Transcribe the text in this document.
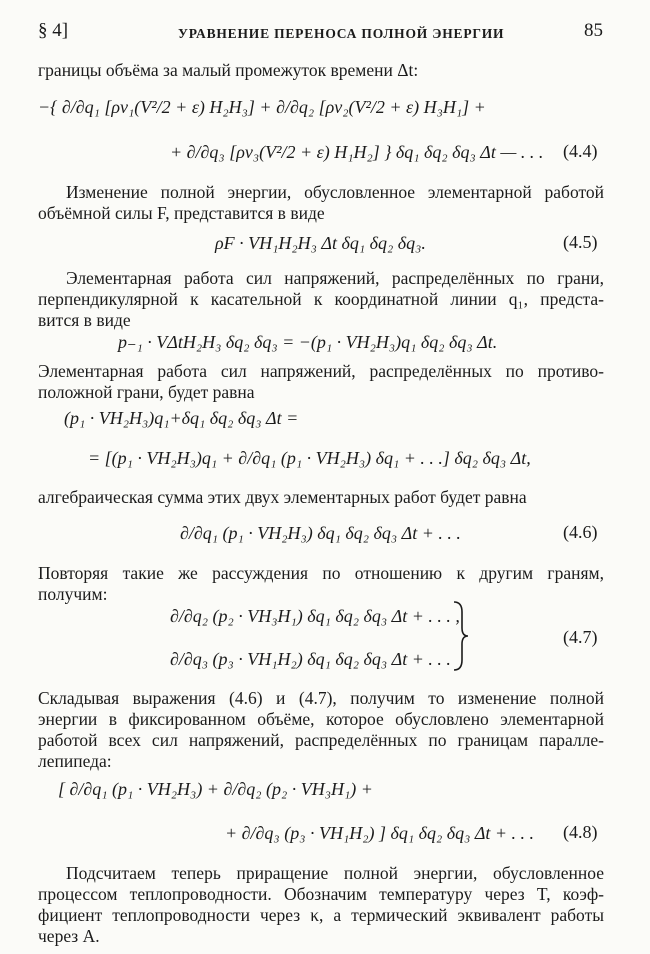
§ 4]	УРАВНЕНИЕ ПЕРЕНОСА ПОЛНОЙ ЭНЕРГИИ	85
границы объёма за малый промежуток времени Δt:
−{ ∂/∂q₁ [ρv₁(V²/2 + ε) H₂H₃] + ∂/∂q₂ [ρv₂(V²/2 + ε) H₃H₁] +
+ ∂/∂q₃ [ρv₃(V²/2 + ε) H₁H₂] } δq₁ δq₂ δq₃ Δt — . . . (4.4)
Изменение полной энергии, обусловленное элементарной работой
объёмной силы F, представится в виде
ρF · VH₁H₂H₃ Δt δq₁ δq₂ δq₃.	(4.5)
Элементарная работа сил напряжений, распределённых по грани,
перпендикулярной к касательной к координатной линии q₁, предста-
вится в виде
p₋₁ · VΔtH₂H₃ δq₂ δq₃ = −(p₁ · VH₂H₃)q₁ δq₂ δq₃ Δt.
Элементарная работа сил напряжений, распределённых по противо-
положной грани, будет равна
(p₁ · VH₂H₃)q₁+δq₁ δq₂ δq₃ Δt =
= [(p₁ · VH₂H₃)q₁ + ∂/∂q₁ (p₁ · VH₂H₃) δq₁ + . . .] δq₂ δq₃ Δt,
алгебраическая сумма этих двух элементарных работ будет равна
∂/∂q₁ (p₁ · VH₂H₃) δq₁ δq₂ δq₃ Δt + . . .	(4.6)
Повторяя такие же рассуждения по отношению к другим граням,
получим:
∂/∂q₂ (p₂ · VH₃H₁) δq₁ δq₂ δq₃ Δt + . . . ,
∂/∂q₃ (p₃ · VH₁H₂) δq₁ δq₂ δq₃ Δt + . . .
(4.7)
Складывая выражения (4.6) и (4.7), получим то изменение полной
энергии в фиксированном объёме, которое обусловлено элементарной
работой всех сил напряжений, распределённых по границам паралле-
лепипеда:
[ ∂/∂q₁ (p₁ · VH₂H₃) + ∂/∂q₂ (p₂ · VH₃H₁) +
+ ∂/∂q₃ (p₃ · VH₁H₂) ] δq₁ δq₂ δq₃ Δt + . . . (4.8)
Подсчитаем теперь приращение полной энергии, обусловленное
процессом теплопроводности. Обозначим температуру через T, коэф-
фициент теплопроводности через κ, а термический эквивалент работы
через A.
